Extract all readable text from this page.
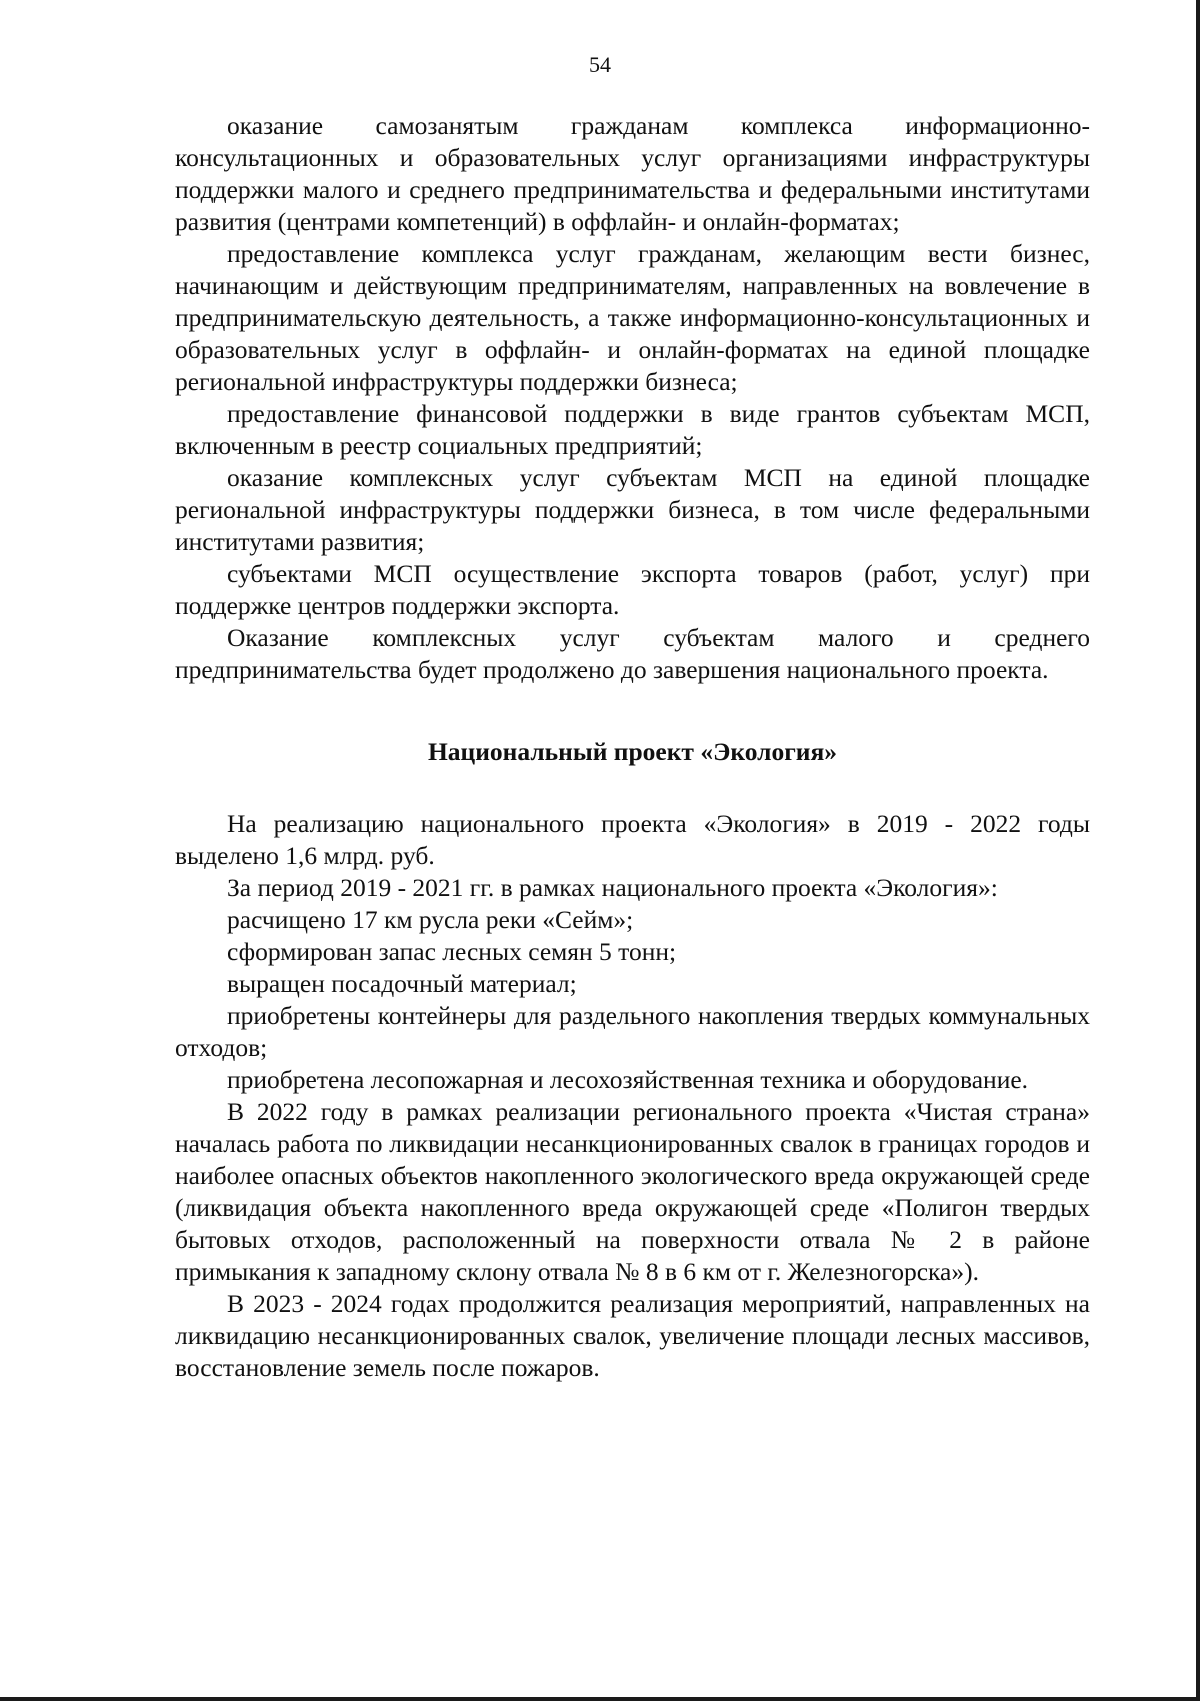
54

оказание самозанятым гражданам комплекса информационно-консультационных и образовательных услуг организациями инфраструктуры поддержки малого и среднего предпринимательства и федеральными институтами развития (центрами компетенций) в оффлайн- и онлайн-форматах;

предоставление комплекса услуг гражданам, желающим вести бизнес, начинающим и действующим предпринимателям, направленных на вовлечение в предпринимательскую деятельность, а также информационно-консультационных и образовательных услуг в оффлайн- и онлайн-форматах на единой площадке региональной инфраструктуры поддержки бизнеса;

предоставление финансовой поддержки в виде грантов субъектам МСП, включенным в реестр социальных предприятий;

оказание комплексных услуг субъектам МСП на единой площадке региональной инфраструктуры поддержки бизнеса, в том числе федеральными институтами развития;

субъектами МСП осуществление экспорта товаров (работ, услуг) при поддержке центров поддержки экспорта.

Оказание комплексных услуг субъектам малого и среднего предпринимательства будет продолжено до завершения национального проекта.

Национальный проект «Экология»

На реализацию национального проекта «Экология» в 2019 - 2022 годы выделено 1,6 млрд. руб.

За период 2019 - 2021 гг. в рамках национального проекта «Экология»:

расчищено 17 км русла реки «Сейм»;

сформирован запас лесных семян 5 тонн;

выращен посадочный материал;

приобретены контейнеры для раздельного накопления твердых коммунальных отходов;

приобретена лесопожарная и лесохозяйственная техника и оборудование.

В 2022 году в рамках реализации регионального проекта «Чистая страна» началась работа по ликвидации несанкционированных свалок в границах городов и наиболее опасных объектов накопленного экологического вреда окружающей среде (ликвидация объекта накопленного вреда окружающей среде «Полигон твердых бытовых отходов, расположенный на поверхности отвала № 2 в районе примыкания к западному склону отвала № 8 в 6 км от г. Железногорска»).

В 2023 - 2024 годах продолжится реализация мероприятий, направленных на ликвидацию несанкционированных свалок, увеличение площади лесных массивов, восстановление земель после пожаров.
